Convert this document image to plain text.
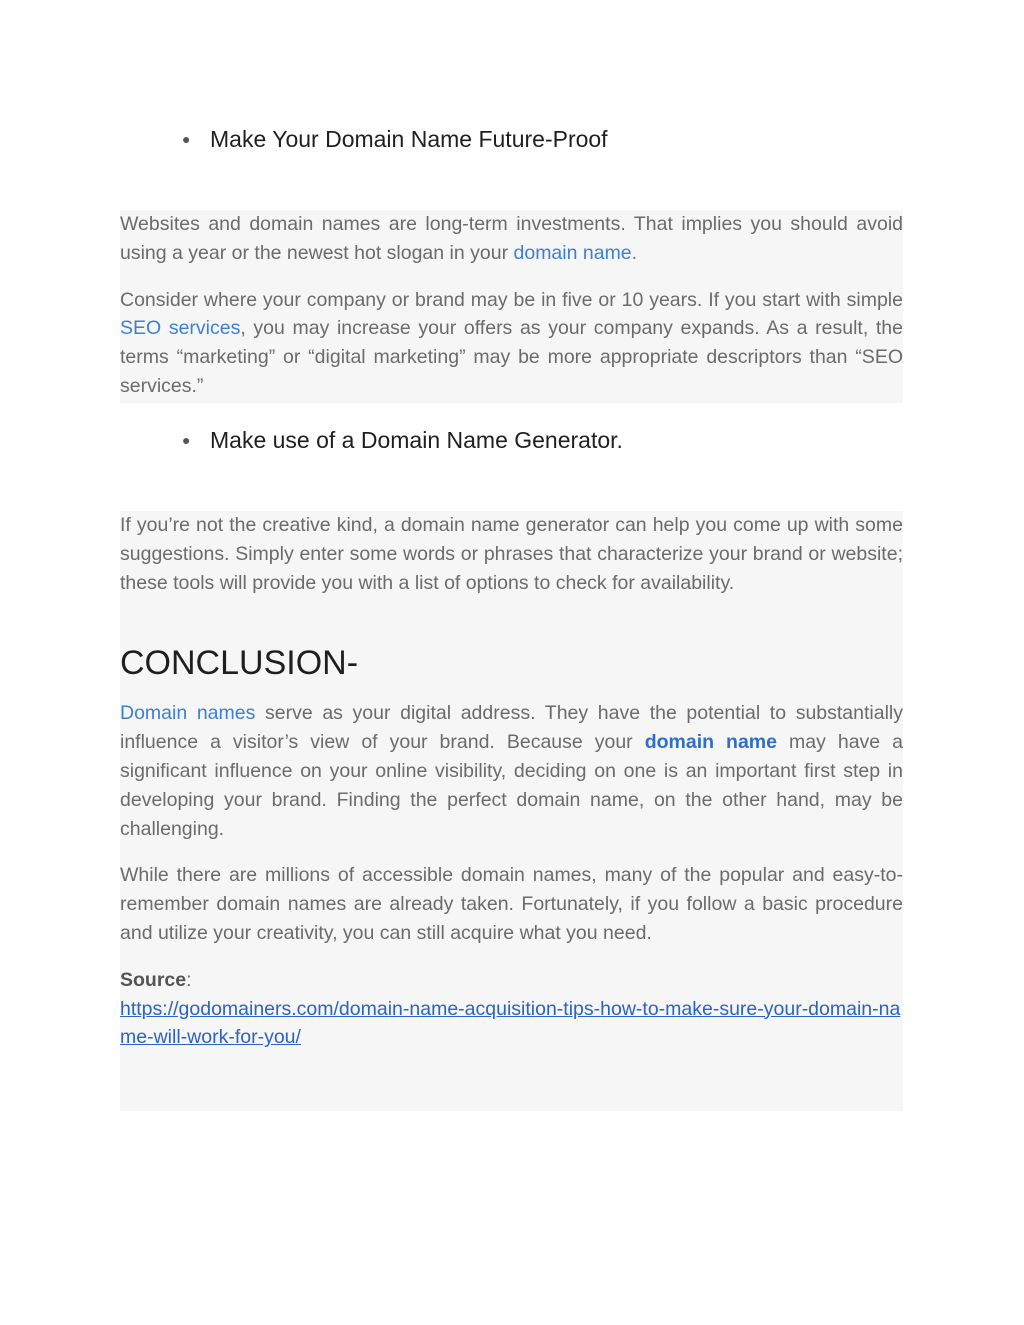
● Make Your Domain Name Future-Proof

Websites and domain names are long-term investments. That implies you should avoid using a year or the newest hot slogan in your domain name.

Consider where your company or brand may be in five or 10 years. If you start with simple SEO services, you may increase your offers as your company expands. As a result, the terms “marketing” or “digital marketing” may be more appropriate descriptors than “SEO services.”

● Make use of a Domain Name Generator.

If you’re not the creative kind, a domain name generator can help you come up with some suggestions. Simply enter some words or phrases that characterize your brand or website; these tools will provide you with a list of options to check for availability.

CONCLUSION-

Domain names serve as your digital address. They have the potential to substantially influence a visitor’s view of your brand. Because your domain name may have a significant influence on your online visibility, deciding on one is an important first step in developing your brand. Finding the perfect domain name, on the other hand, may be challenging.

While there are millions of accessible domain names, many of the popular and easy-to-remember domain names are already taken. Fortunately, if you follow a basic procedure and utilize your creativity, you can still acquire what you need.

Source:
https://godomainers.com/domain-name-acquisition-tips-how-to-make-sure-your-domain-name-will-work-for-you/
